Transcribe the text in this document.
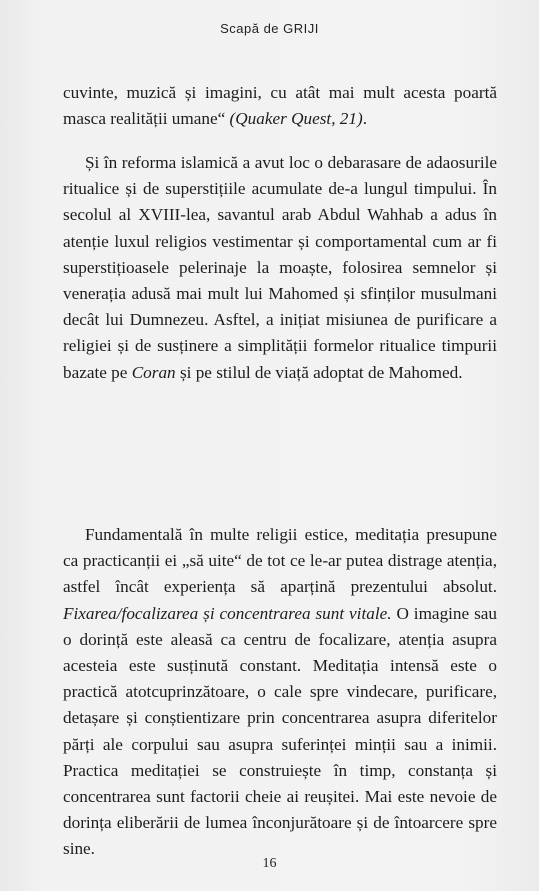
Scapă de GRIJI

cuvinte, muzică și imagini, cu atât mai mult acesta poartă masca realității umane“ (Quaker Quest, 21).

Și în reforma islamică a avut loc o debarasare de adaosurile ritualice și de superstițiile acumulate de-a lungul timpului. În secolul al XVIII-lea, savantul arab Abdul Wahhab a adus în atenție luxul religios vestimentar și comportamental cum ar fi superstițioasele pelerinaje la moaște, folosirea semnelor și venerația adusă mai mult lui Mahomed și sfinților musulmani decât lui Dumnezeu. Asftel, a inițiat misiunea de purificare a religiei și de susținere a simplității formelor ritualice timpurii bazate pe Coran și pe stilul de viață adoptat de Mahomed.

Fundamentală în multe religii estice, meditația presupune ca practicanții ei „să uite“ de tot ce le-ar putea distrage atenția, astfel încât experiența să aparțină prezentului absolut. Fixarea/focalizarea și concentrarea sunt vitale. O imagine sau o dorință este aleasă ca centru de focalizare, atenția asupra acesteia este susținută constant. Meditația intensă este o practică atotcuprinzătoare, o cale spre vindecare, purificare, detașare și conștientizare prin concentrarea asupra diferitelor părți ale corpului sau asupra suferinței minții sau a inimii. Practica meditației se construiește în timp, constanța și concentrarea sunt factorii cheie ai reușitei. Mai este nevoie de dorința eliberării de lumea înconjurătoare și de întoarcere spre sine.

16
